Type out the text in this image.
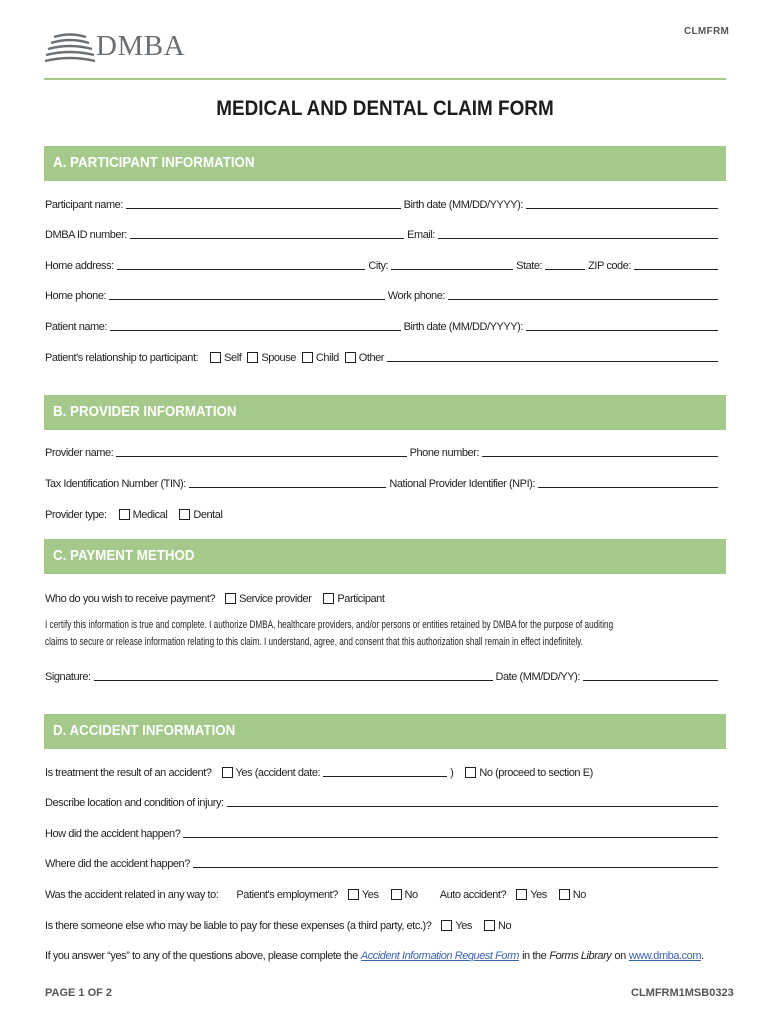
CLMFRM
DMBA
MEDICAL AND DENTAL CLAIM FORM
A. PARTICIPANT INFORMATION
Participant name:	Birth date (MM/DD/YYYY):
DMBA ID number:	Email:
Home address:	City:	State:	ZIP code:
Home phone:	Work phone:
Patient name:	Birth date (MM/DD/YYYY):
Patient's relationship to participant: Self Spouse Child Other
B. PROVIDER INFORMATION
Provider name:	Phone number:
Tax Identification Number (TIN):	National Provider Identifier (NPI):
Provider type: Medical Dental
C. PAYMENT METHOD
Who do you wish to receive payment? Service provider Participant
I certify this information is true and complete. I authorize DMBA, healthcare providers, and/or persons or entities retained by DMBA for the purpose of auditing
claims to secure or release information relating to this claim. I understand, agree, and consent that this authorization shall remain in effect indefinitely.
Signature:	Date (MM/DD/YY):
D. ACCIDENT INFORMATION
Is treatment the result of an accident? Yes (accident date:	) No (proceed to section E)
Describe location and condition of injury:
How did the accident happen?
Where did the accident happen?
Was the accident related in any way to: Patient's employment? Yes No Auto accident? Yes No
Is there someone else who may be liable to pay for these expenses (a third party, etc.)? Yes No
If you answer “yes” to any of the questions above, please complete the
Accident Information Request Form
in the
Forms Library
on
www.dmba.com .
PAGE 1 OF 2	CLMFRM1MSB0323
